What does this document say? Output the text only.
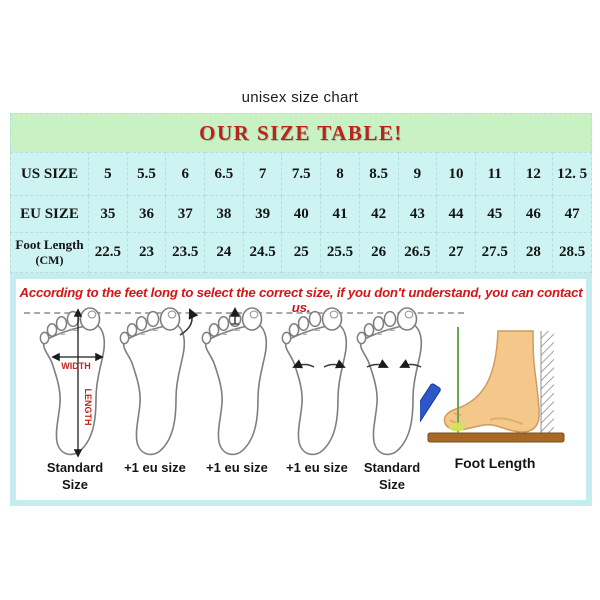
unisex size chart
OUR SIZE TABLE!
US SIZE	5	5.5	6	6.5	7	7.5	8	8.5	9	10	11	12	12. 5

EU SIZE	35	36	37	38	39	40	41	42	43	44	45	46	47

Foot Length
(CM)	22.5	23	23.5	24	24.5	25	25.5	26	26.5	27	27.5	28	28.5
According to the feet long to select the correct size, if you don't understand, you can contact us.
WIDTH
LENGTH
Standard
Size
+1 eu size	+1 eu size	+1 eu size	Standard
Size
Foot Length
